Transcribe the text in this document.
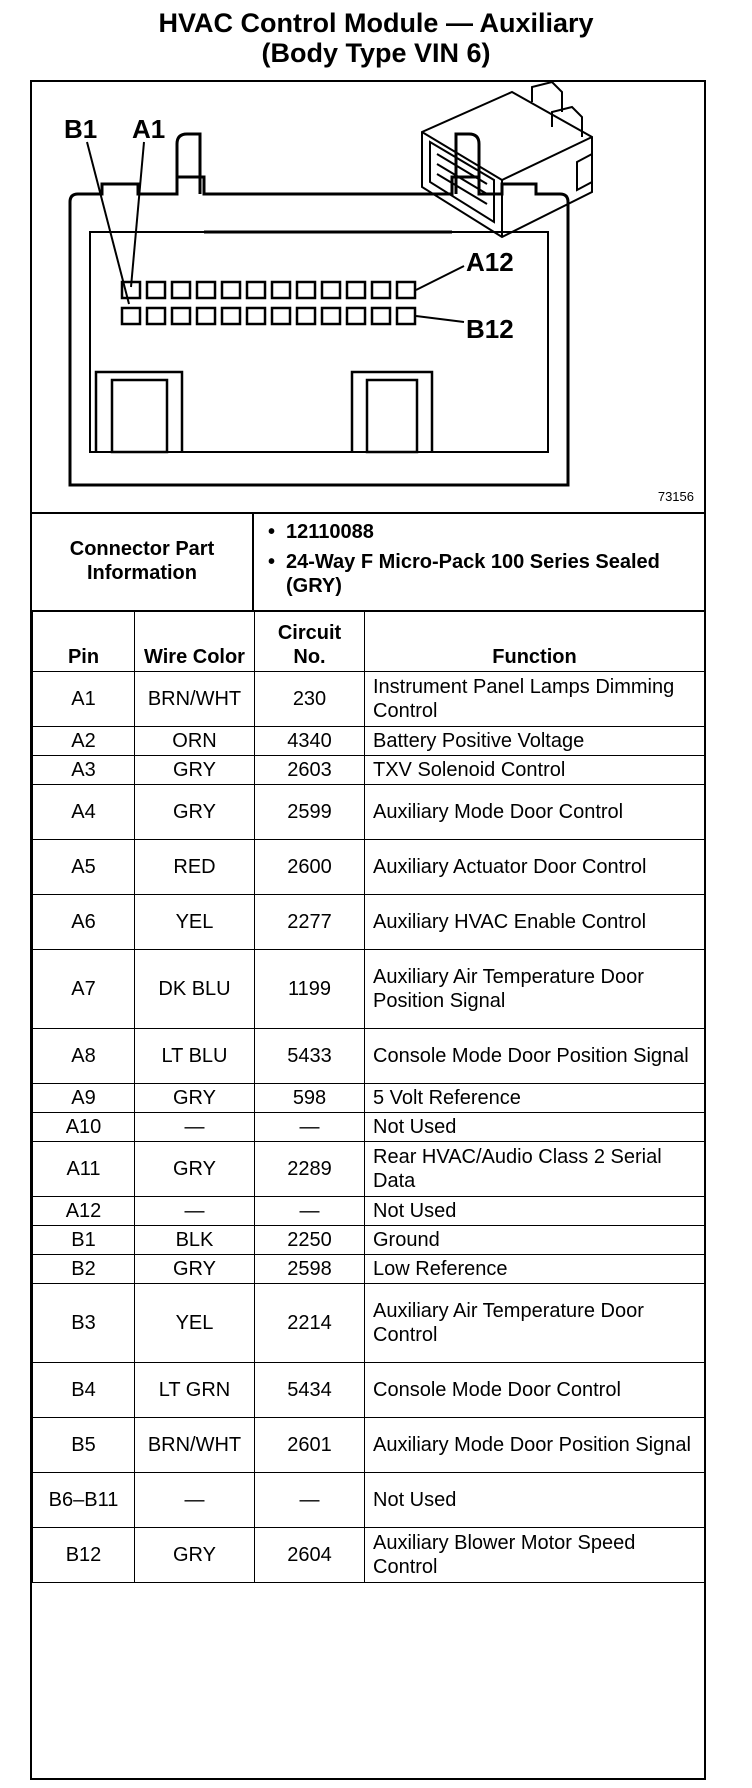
HVAC Control Module — Auxiliary
(Body Type VIN 6)
B1 A1
A12
B12
73156
Connector Part Information
• 12110088
• 24-Way F Micro-Pack 100 Series Sealed (GRY)
Pin	Wire Color	Circuit No.	Function
A1	BRN/WHT	230	Instrument Panel Lamps Dimming Control
A2	ORN	4340	Battery Positive Voltage
A3	GRY	2603	TXV Solenoid Control
A4	GRY	2599	Auxiliary Mode Door Control
A5	RED	2600	Auxiliary Actuator Door Control
A6	YEL	2277	Auxiliary HVAC Enable Control
A7	DK BLU	1199	Auxiliary Air Temperature Door Position Signal
A8	LT BLU	5433	Console Mode Door Position Signal
A9	GRY	598	5 Volt Reference
A10	—	—	Not Used
A11	GRY	2289	Rear HVAC/Audio Class 2 Serial Data
A12	—	—	Not Used
B1	BLK	2250	Ground
B2	GRY	2598	Low Reference
B3	YEL	2214	Auxiliary Air Temperature Door Control
B4	LT GRN	5434	Console Mode Door Control
B5	BRN/WHT	2601	Auxiliary Mode Door Position Signal
B6–B11	—	—	Not Used
B12	GRY	2604	Auxiliary Blower Motor Speed Control
